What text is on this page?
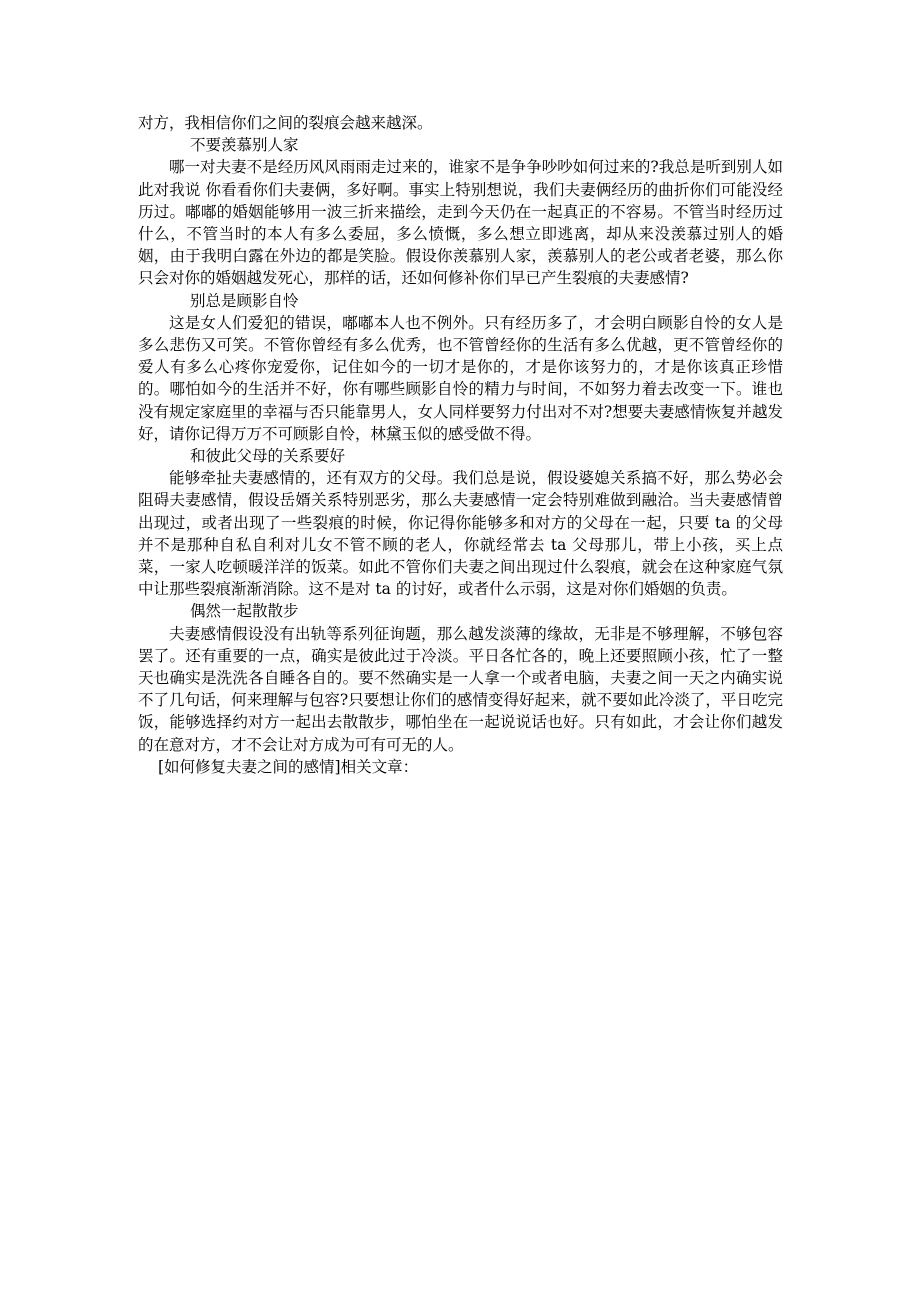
对方，我相信你们之间的裂痕会越来越深。

不要羡慕别人家

哪一对夫妻不是经历风风雨雨走过来的，谁家不是争争吵吵如何过来的?我总是听到别人如此对我说 你看看你们夫妻俩，多好啊。事实上特别想说，我们夫妻俩经历的曲折你们可能没经历过。嘟嘟的婚姻能够用一波三折来描绘，走到今天仍在一起真正的不容易。不管当时经历过什么，不管当时的本人有多么委屈，多么愤慨，多么想立即逃离，却从来没羡慕过别人的婚姻，由于我明白露在外边的都是笑脸。假设你羡慕别人家，羡慕别人的老公或者老婆，那么你只会对你的婚姻越发死心，那样的话，还如何修补你们早已产生裂痕的夫妻感情?

别总是顾影自怜

这是女人们爱犯的错误，嘟嘟本人也不例外。只有经历多了，才会明白顾影自怜的女人是多么悲伤又可笑。不管你曾经有多么优秀，也不管曾经你的生活有多么优越，更不管曾经你的爱人有多么心疼你宠爱你，记住如今的一切才是你的，才是你该努力的，才是你该真正珍惜的。哪怕如今的生活并不好，你有哪些顾影自怜的精力与时间，不如努力着去改变一下。谁也没有规定家庭里的幸福与否只能靠男人，女人同样要努力付出对不对?想要夫妻感情恢复并越发好，请你记得万万不可顾影自怜，林黛玉似的感受做不得。

和彼此父母的关系要好

能够牵扯夫妻感情的，还有双方的父母。我们总是说，假设婆媳关系搞不好，那么势必会阻碍夫妻感情，假设岳婿关系特别恶劣，那么夫妻感情一定会特别难做到融洽。当夫妻感情曾出现过，或者出现了一些裂痕的时候，你记得你能够多和对方的父母在一起，只要 ta 的父母并不是那种自私自利对儿女不管不顾的老人，你就经常去 ta 父母那儿，带上小孩，买上点菜，一家人吃顿暖洋洋的饭菜。如此不管你们夫妻之间出现过什么裂痕，就会在这种家庭气氛中让那些裂痕渐渐消除。这不是对 ta 的讨好，或者什么示弱，这是对你们婚姻的负责。

偶然一起散散步

夫妻感情假设没有出轨等系列征询题，那么越发淡薄的缘故，无非是不够理解，不够包容罢了。还有重要的一点，确实是彼此过于冷淡。平日各忙各的，晚上还要照顾小孩，忙了一整天也确实是洗洗各自睡各自的。要不然确实是一人拿一个或者电脑，夫妻之间一天之内确实说不了几句话，何来理解与包容?只要想让你们的感情变得好起来，就不要如此冷淡了，平日吃完饭，能够选择约对方一起出去散散步，哪怕坐在一起说说话也好。只有如此，才会让你们越发的在意对方，才不会让对方成为可有可无的人。

[如何修复夫妻之间的感情]相关文章：
